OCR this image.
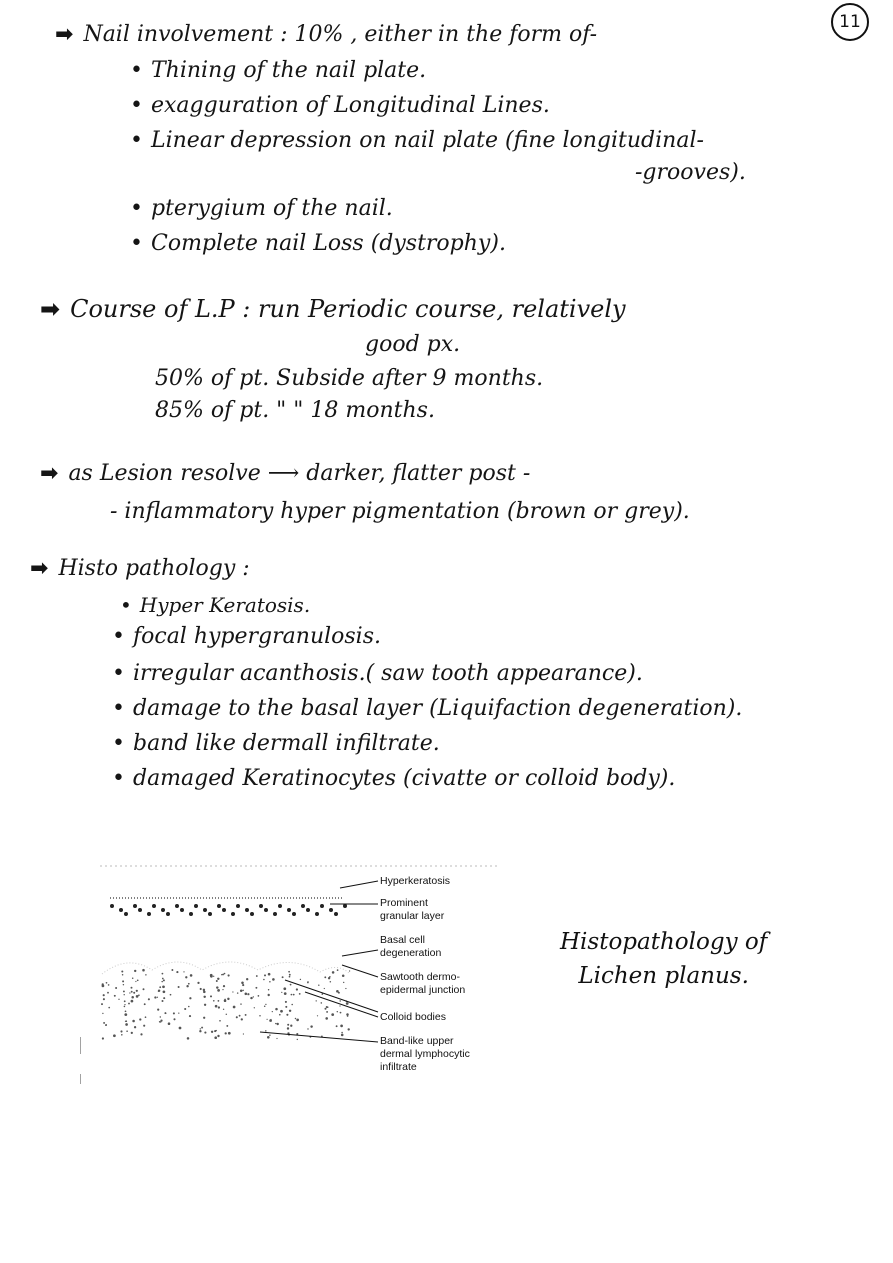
11
➡ Nail involvement : 10% , either in the form of-
• Thining of the nail plate.
• exagguration of Longitudinal Lines.
• Linear depression on nail plate (fine longitudinal-
-grooves).
• pterygium of the nail.
• Complete nail Loss (dystrophy).
➡ Course of L.P : run Periodic course, relatively
good px.
50% of pt. Subside after 9 months.
85% of pt. " " 18 months.
➡ as Lesion resolve ⟶ darker, flatter post -
- inflammatory hyper pigmentation (brown or grey).
➡ Histo pathology :
• Hyper Keratosis.
• focal hypergranulosis.
• irregular acanthosis.( saw tooth appearance).
• damage to the basal layer (Liquifaction degeneration).
• band like dermall infiltrate.
• damaged Keratinocytes (civatte or colloid body).
Hyperkeratosis
Prominent
granular layer
Basal cell
degeneration
Sawtooth dermo-
epidermal junction
Colloid bodies
Band-like upper
dermal lymphocytic
infiltrate
Histopathology of
Lichen planus.
